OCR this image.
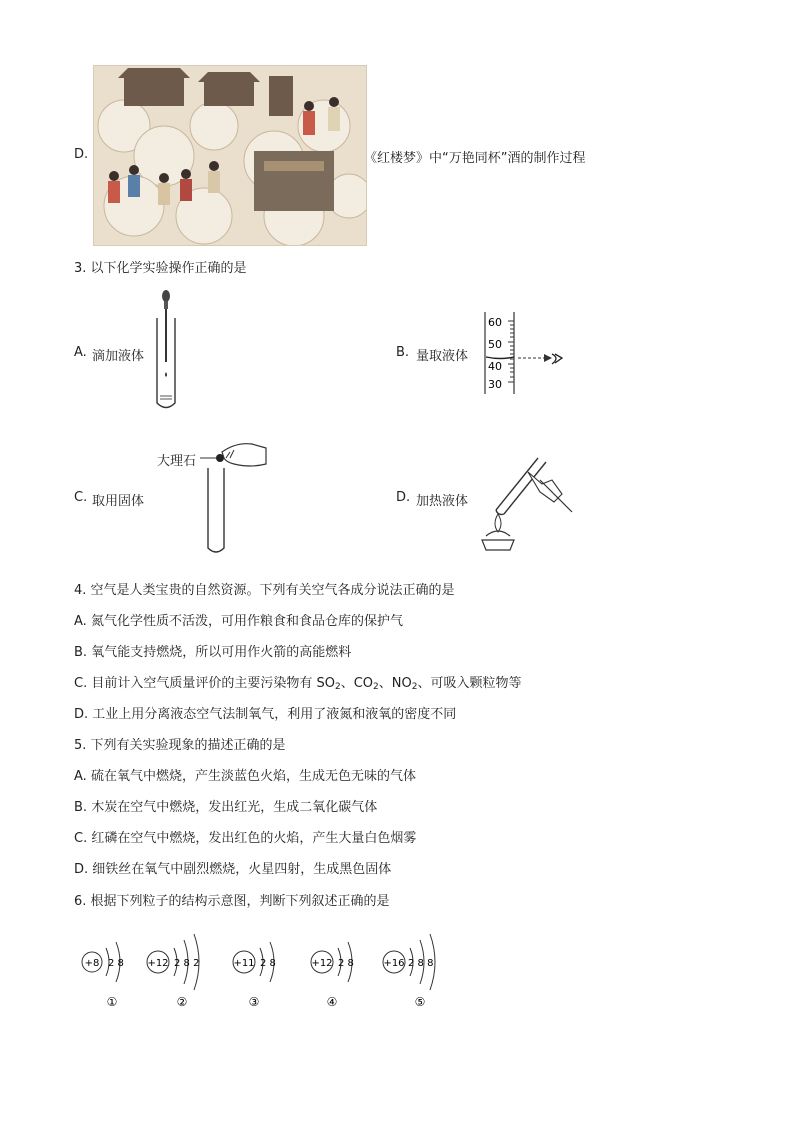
D.	《红楼梦》中“万艳同杯”酒的制作过程
3. 以下化学实验操作正确的是
A. 滴加液体	B. 量取液体
60
50
40
30
大理石
C. 取用固体	D. 加热液体
4. 空气是人类宝贵的自然资源。下列有关空气各成分说法正确的是
A. 氮气化学性质不活泼，可用作粮食和食品仓库的保护气
B. 氧气能支持燃烧，所以可用作火箭的高能燃料
C. 目前计入空气质量评价的主要污染物有 $SO_2$、$CO_2$、$NO_2$、可吸入颗粒物等
D. 工业上用分离液态空气法制氧气，利用了液氮和液氧的密度不同
5. 下列有关实验现象的描述正确的是
A. 硫在氧气中燃烧，产生淡蓝色火焰，生成无色无味的气体
B. 木炭在空气中燃烧，发出红光，生成二氧化碳气体
C. 红磷在空气中燃烧，发出红色的火焰，产生大量白色烟雾
D. 细铁丝在氧气中剧烈燃烧，火星四射，生成黑色固体
6. 根据下列粒子的结构示意图，判断下列叙述正确的是
+8 2 8
①
+12 2 8 2
②
+11 2 8
③
+12 2 8
④
+16 2 8 8
⑤
